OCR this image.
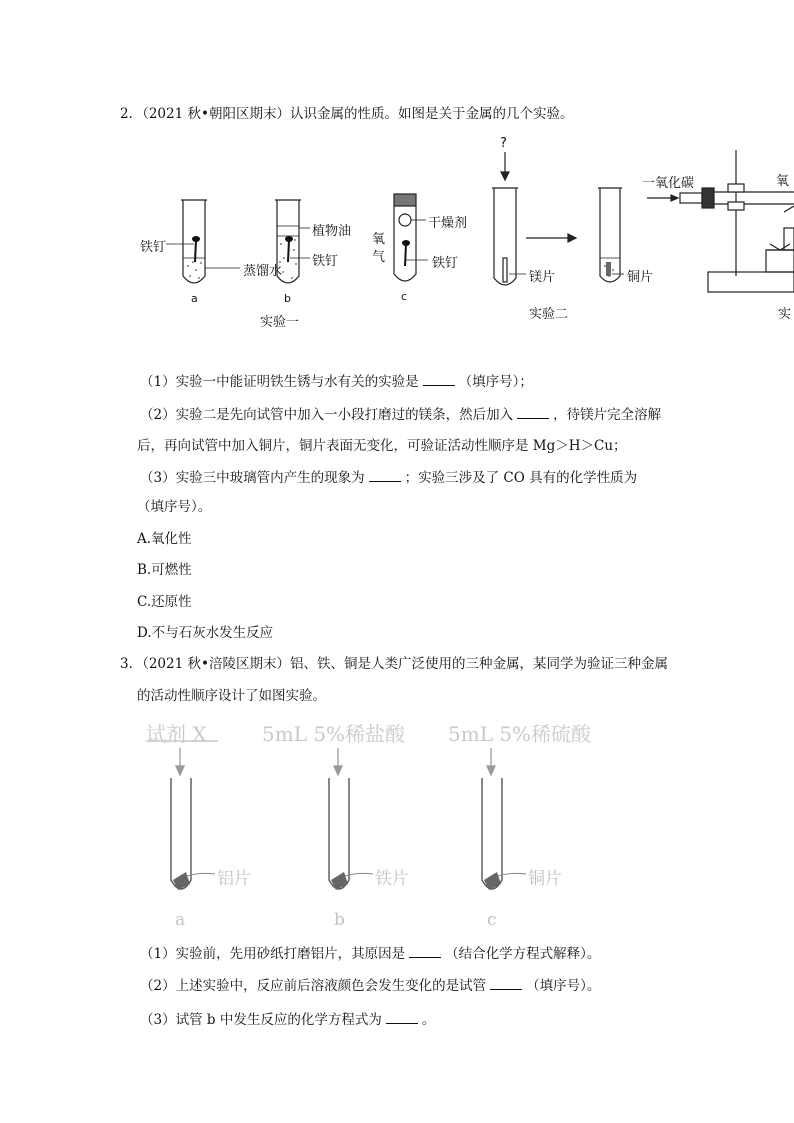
2．（2021 秋•朝阳区期末）认识金属的性质。如图是关于金属的几个实验。
铁钉
蒸馏水
a
植物油
铁钉
b
干燥剂
氧
气	铁钉
c
实验一
?
镁片	铜片
实验二
一氧化碳	氧
实
（1）实验一中能证明铁生锈与水有关的实验是	（填序号）；
（2）实验二是先向试管中加入一小段打磨过的镁条，然后加入	，待镁片完全溶解
后，再向试管中加入铜片，铜片表面无变化，可验证活动性顺序是 Mg＞H＞Cu；
（3）实验三中玻璃管内产生的现象为	；实验三涉及了 CO 具有的化学性质为
（填序号）。
A.氧化性
B.可燃性
C.还原性
D.不与石灰水发生反应
3．（2021 秋•涪陵区期末）铝、铁、铜是人类广泛使用的三种金属，某同学为验证三种金属
的活动性顺序设计了如图实验。
试剂 X	5mL 5%稀盐酸 5mL 5%稀硫酸
铝片	铁片	铜片
a	b	c
（1）实验前，先用砂纸打磨铝片，其原因是	（结合化学方程式解释）。
（2）上述实验中，反应前后溶液颜色会发生变化的是试管	（填序号）。
（3）试管 b 中发生反应的化学方程式为	。
